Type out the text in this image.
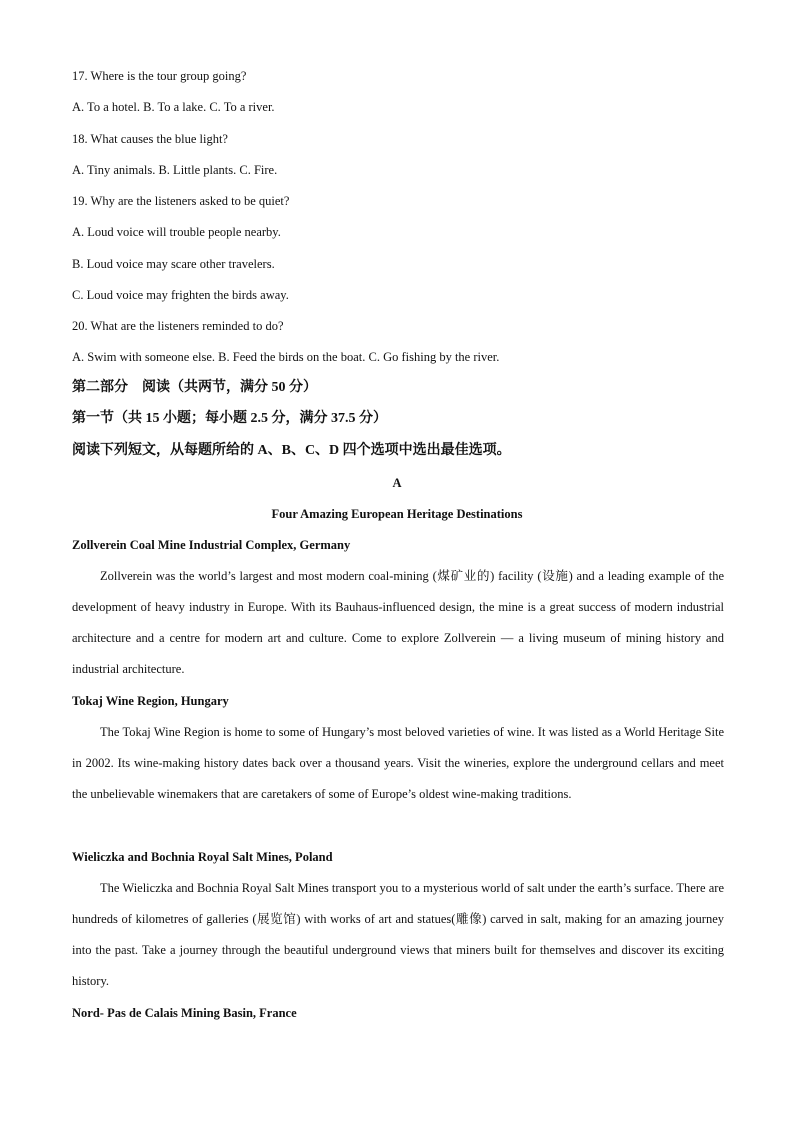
17. Where is the tour group going?
A. To a hotel. B. To a lake. C. To a river.
18. What causes the blue light?
A. Tiny animals. B. Little plants. C. Fire.
19. Why are the listeners asked to be quiet?
A. Loud voice will trouble people nearby.
B. Loud voice may scare other travelers.
C. Loud voice may frighten the birds away.
20. What are the listeners reminded to do?
A. Swim with someone else. B. Feed the birds on the boat. C. Go fishing by the river.
第二部分　阅读（共两节，满分 50 分）
第一节（共 15 小题；每小题 2.5 分，满分 37.5 分）
阅读下列短文，从每题所给的 A、B、C、D 四个选项中选出最佳选项。
A
Four Amazing European Heritage Destinations
Zollverein Coal Mine Industrial Complex, Germany
Zollverein was the world’s largest and most modern coal-mining (煤矿业的) facility (设施) and a leading example of the development of heavy industry in Europe. With its Bauhaus-influenced design, the mine is a great success of modern industrial architecture and a centre for modern art and culture. Come to explore Zollverein — a living museum of mining history and industrial architecture.
Tokaj Wine Region, Hungary
The Tokaj Wine Region is home to some of Hungary’s most beloved varieties of wine. It was listed as a World Heritage Site in 2002. Its wine-making history dates back over a thousand years. Visit the wineries, explore the underground cellars and meet the unbelievable winemakers that are caretakers of some of Europe’s oldest wine-making traditions.
Wieliczka and Bochnia Royal Salt Mines, Poland
The Wieliczka and Bochnia Royal Salt Mines transport you to a mysterious world of salt under the earth’s surface. There are hundreds of kilometres of galleries (展览馆) with works of art and statues(雕像) carved in salt, making for an amazing journey into the past. Take a journey through the beautiful underground views that miners built for themselves and discover its exciting history.
Nord- Pas de Calais Mining Basin, France
